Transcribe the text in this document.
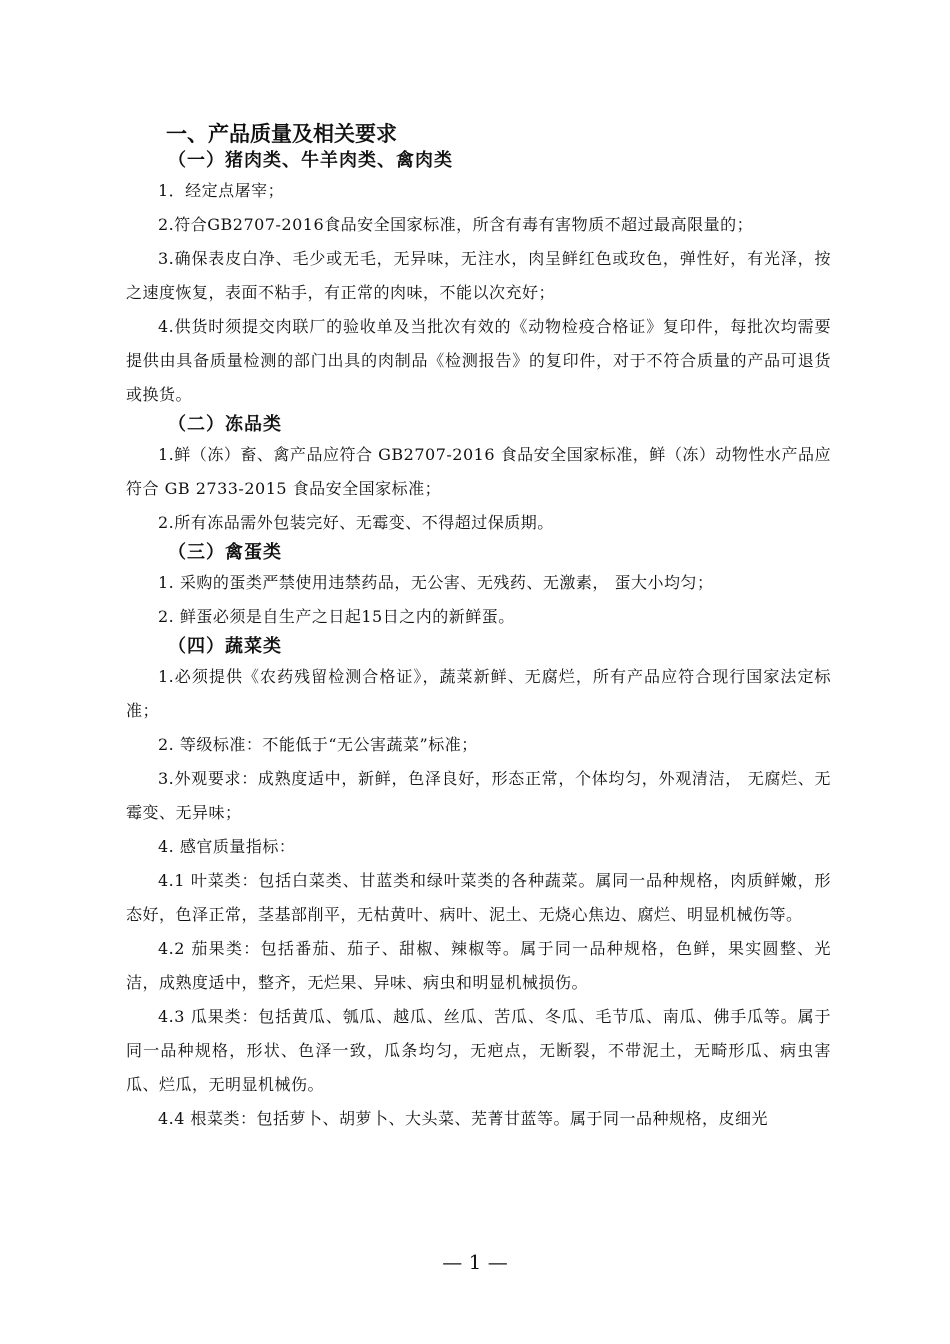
一、产品质量及相关要求
（一）猪肉类、牛羊肉类、禽肉类

1．经定点屠宰；

2.符合GB2707-2016食品安全国家标准，所含有毒有害物质不超过最高限量的；

3.确保表皮白净、毛少或无毛，无异味，无注水，肉呈鲜红色或玫色，弹性好，有光泽，按之速度恢复，表面不粘手，有正常的肉味，不能以次充好；

4.供货时须提交肉联厂的验收单及当批次有效的《动物检疫合格证》复印件，每批次均需要提供由具备质量检测的部门出具的肉制品《检测报告》的复印件，对于不符合质量的产品可退货或换货。

（二）冻品类

1.鲜（冻）畜、禽产品应符合 GB2707-2016 食品安全国家标准，鲜（冻）动物性水产品应符合 GB 2733-2015 食品安全国家标准；

2.所有冻品需外包装完好、无霉变、不得超过保质期。

（三）禽蛋类

1. 采购的蛋类严禁使用违禁药品，无公害、无残药、无激素， 蛋大小均匀；

2. 鲜蛋必须是自生产之日起15日之内的新鲜蛋。

（四）蔬菜类

1.必须提供《农药残留检测合格证》，蔬菜新鲜、无腐烂，所有产品应符合现行国家法定标准；

2. 等级标准：不能低于“无公害蔬菜”标准；

3.外观要求：成熟度适中，新鲜，色泽良好，形态正常，个体均匀，外观清洁， 无腐烂、无霉变、无异味；

4. 感官质量指标：

4.1 叶菜类：包括白菜类、甘蓝类和绿叶菜类的各种蔬菜。属同一品种规格，肉质鲜嫩，形态好，色泽正常，茎基部削平，无枯黄叶、病叶、泥土、无烧心焦边、腐烂、明显机械伤等。

4.2 茄果类：包括番茄、茄子、甜椒、辣椒等。属于同一品种规格，色鲜，果实圆整、光洁，成熟度适中，整齐，无烂果、异味、病虫和明显机械损伤。

4.3 瓜果类：包括黄瓜、瓠瓜、越瓜、丝瓜、苦瓜、冬瓜、毛节瓜、南瓜、佛手瓜等。属于同一品种规格，形状、色泽一致，瓜条均匀，无疤点，无断裂，不带泥土，无畸形瓜、病虫害瓜、烂瓜，无明显机械伤。

4.4 根菜类：包括萝卜、胡萝卜、大头菜、芜菁甘蓝等。属于同一品种规格，皮细光

— 1 —
